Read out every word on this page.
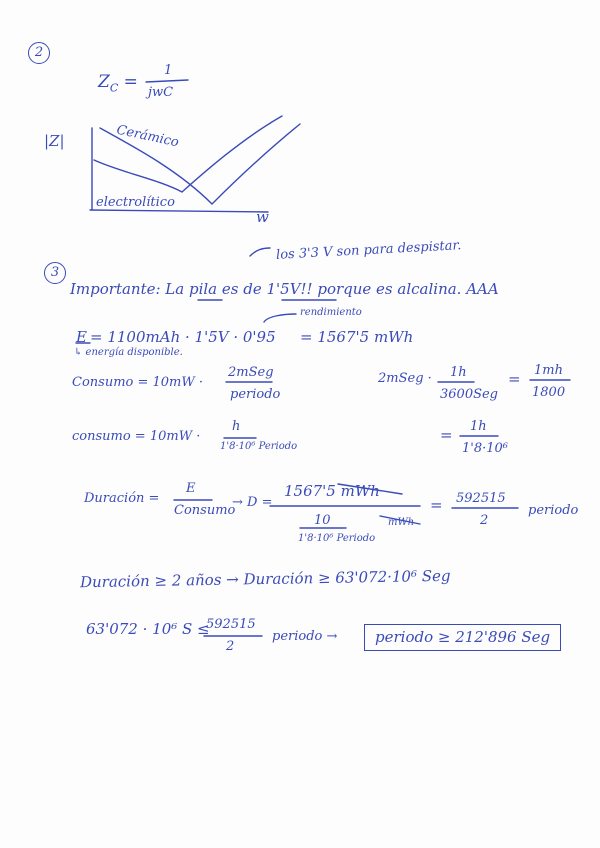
2
$Z_C$ =
1
jwC
|Z|
w
Cerámico
electrolítico
3
los 3'3 V son para despistar.
Importante: La pila es de 1'5V!! porque es alcalina. AAA
rendimiento
E = 1100mAh · 1'5V · 0'95 = 1567'5 mWh
↳ energía disponible.
Consumo = 10mW ·
2mSeg
periodo
2mSeg · 1h
3600Seg
= 1mh
1800
consumo = 10mW ·
h
1'8·10⁶ Periodo
= 1h
1'8·10⁶
Duración =
E
Consumo
→ D =
1567'5 mWh
10
1'8·10⁶ Periodo
mWh
= 592515
2
periodo
Duración ≥ 2 años → Duración ≥ 63'072·10⁶ Seg
63'072 · 10⁶ S ≤
592515
2
periodo →	periodo ≥ 212'896 Seg
